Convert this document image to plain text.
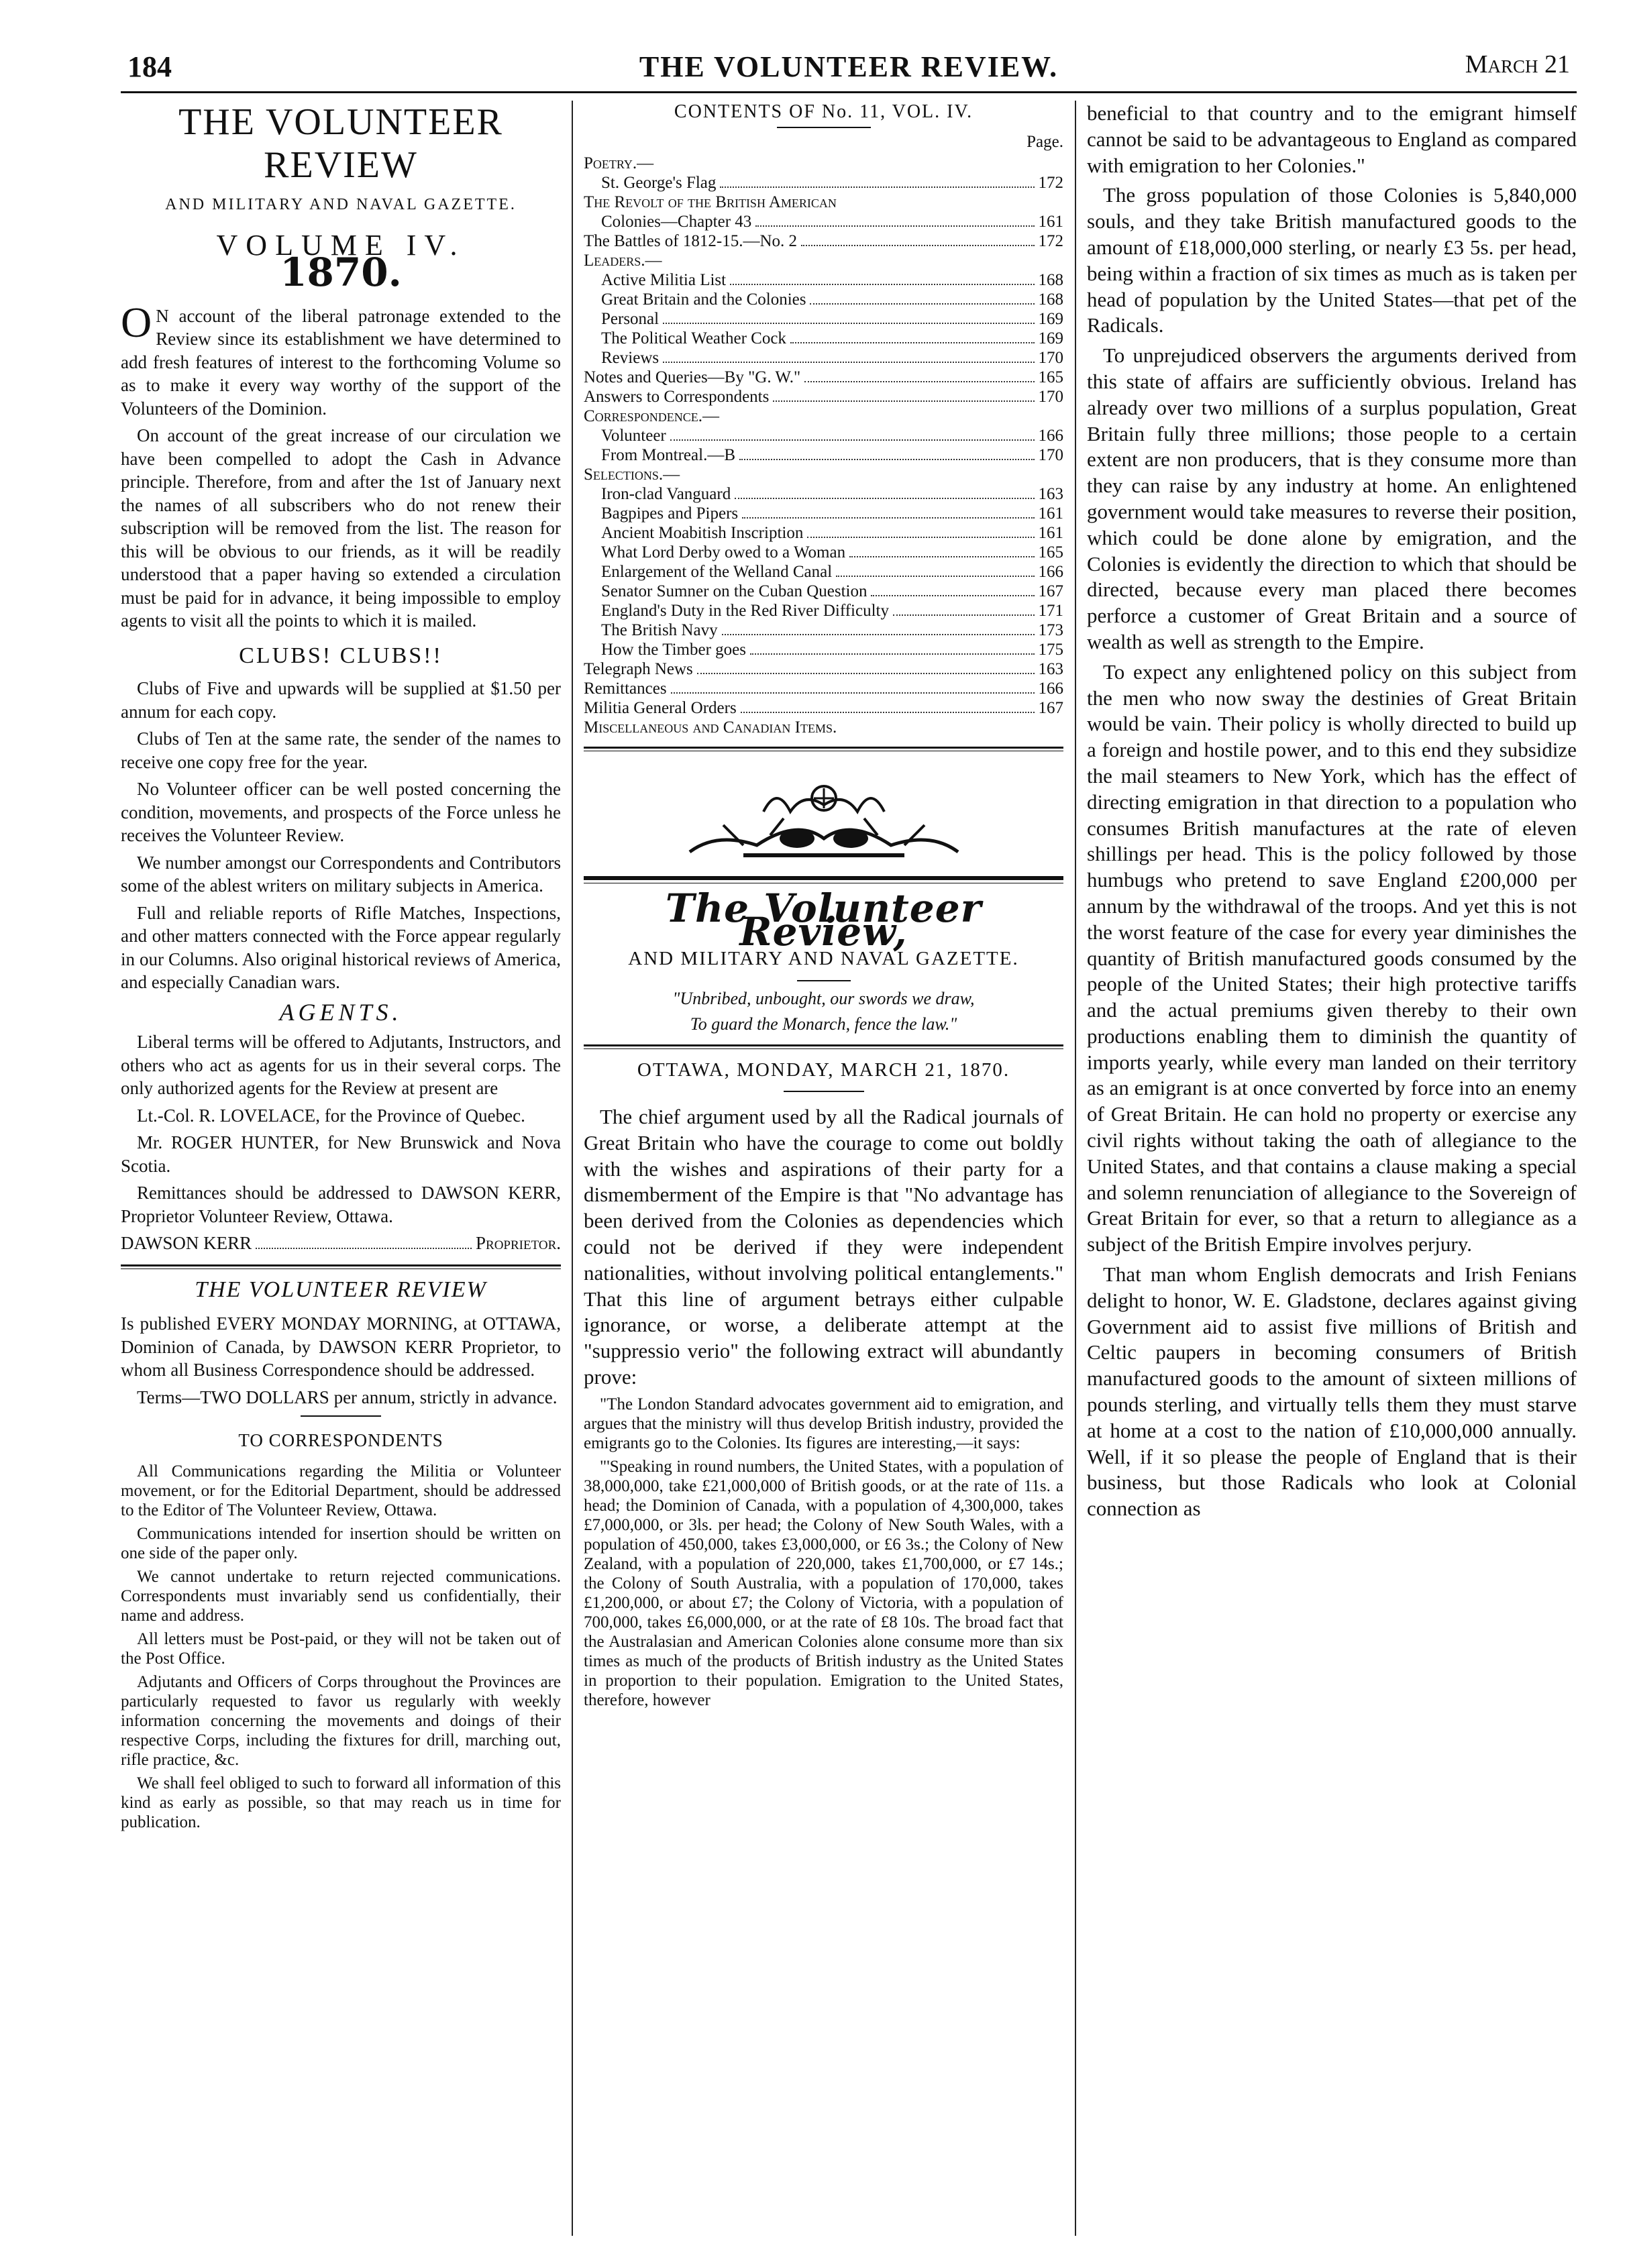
THE VOLUNTEER REVIEW.
184	March 21
THE VOLUNTEER REVIEW
AND MILITARY AND NAVAL GAZETTE.
VOLUME IV.
1870.

O N account of the liberal patronage extended to the Review since its establishment we have determined to add fresh features of interest to the forthcoming Volume so as to make it every way worthy of the support of the Volunteers of the Dominion.

On account of the great increase of our circulation we have been compelled to adopt the Cash in Advance principle. Therefore, from and after the 1st of January next the names of all subscribers who do not renew their subscription will be removed from the list. The reason for this will be obvious to our friends, as it will be readily understood that a paper having so extended a circulation must be paid for in advance, it being impossible to employ agents to visit all the points to which it is mailed.

CLUBS! CLUBS!!

Clubs of Five and upwards will be supplied at $1.50 per annum for each copy.

Clubs of Ten at the same rate, the sender of the names to receive one copy free for the year.

No Volunteer officer can be well posted concerning the condition, movements, and prospects of the Force unless he receives the Volunteer Review.

We number amongst our Correspondents and Contributors some of the ablest writers on military subjects in America.

Full and reliable reports of Rifle Matches, Inspections, and other matters connected with the Force appear regularly in our Columns. Also original historical reviews of America, and especially Canadian wars.

AGENTS.

Liberal terms will be offered to Adjutants, Instructors, and others who act as agents for us in their several corps. The only authorized agents for the Review at present are

Lt.-Col. R. LOVELACE, for the Province of Quebec.

Mr. ROGER HUNTER, for New Brunswick and Nova Scotia.

Remittances should be addressed to DAWSON KERR, Proprietor Volunteer Review, Ottawa.

DAWSON KERR	Proprietor.
THE VOLUNTEER REVIEW

Is published EVERY MONDAY MORNING, at OTTAWA, Dominion of Canada, by DAWSON KERR Proprietor, to whom all Business Correspondence should be addressed.

Terms—TWO DOLLARS per annum, strictly in advance.

TO CORRESPONDENTS

All Communications regarding the Militia or Volunteer movement, or for the Editorial Department, should be addressed to the Editor of The Volunteer Review, Ottawa.

Communications intended for insertion should be written on one side of the paper only.

We cannot undertake to return rejected communications. Correspondents must invariably send us confidentially, their name and address.

All letters must be Post-paid, or they will not be taken out of the Post Office.

Adjutants and Officers of Corps throughout the Provinces are particularly requested to favor us regularly with weekly information concerning the movements and doings of their respective Corps, including the fixtures for drill, marching out, rifle practice, &c.

We shall feel obliged to such to forward all information of this kind as early as possible, so that may reach us in time for publication.

CONTENTS OF No. 11, VOL. IV.
Page.
Poetry.—
St. George's Flag	172
The Revolt of the British American
Colonies—Chapter 43	161
The Battles of 1812-15.—No. 2	172
Leaders.—
Active Militia List	168
Great Britain and the Colonies	168
Personal	169
The Political Weather Cock	169
Reviews	170
Notes and Queries—By "G. W."	165
Answers to Correspondents	170
Correspondence.—
Volunteer	166
From Montreal.—B	170
Selections.—
Iron-clad Vanguard	163
Bagpipes and Pipers	161
Ancient Moabitish Inscription	161
What Lord Derby owed to a Woman	165
Enlargement of the Welland Canal	166
Senator Sumner on the Cuban Question	167
England's Duty in the Red River Difficulty	171
The British Navy	173
How the Timber goes	175
Telegraph News	163
Remittances	166
Militia General Orders	167
Miscellaneous and Canadian Items.
The Volunteer Review,
AND MILITARY AND NAVAL GAZETTE.
"Unbribed, unbought, our swords we draw,
To guard the Monarch, fence the law."
OTTAWA, MONDAY, MARCH 21, 1870.

The chief argument used by all the Radical journals of Great Britain who have the courage to come out boldly with the wishes and aspirations of their party for a dismemberment of the Empire is that "No advantage has been derived from the Colonies as dependencies which could not be derived if they were independent nationalities, without involving political entanglements." That this line of argument betrays either culpable ignorance, or worse, a deliberate attempt at the "suppressio verio" the following extract will abundantly prove:

"The London Standard advocates government aid to emigration, and argues that the ministry will thus develop British industry, provided the emigrants go to the Colonies. Its figures are interesting,—it says:

"'Speaking in round numbers, the United States, with a population of 38,000,000, take £21,000,000 of British goods, or at the rate of 11s. a head; the Dominion of Canada, with a population of 4,300,000, takes £7,000,000, or 3ls. per head; the Colony of New South Wales, with a population of 450,000, takes £3,000,000, or £6 3s.; the Colony of New Zealand, with a population of 220,000, takes £1,700,000, or £7 14s.; the Colony of South Australia, with a population of 170,000, takes £1,200,000, or about £7; the Colony of Victoria, with a population of 700,000, takes £6,000,000, or at the rate of £8 10s. The broad fact that the Australasian and American Colonies alone consume more than six times as much of the products of British industry as the United States in proportion to their population. Emigration to the United States, therefore, however

beneficial to that country and to the emigrant himself cannot be said to be advantageous to England as compared with emigration to her Colonies."

The gross population of those Colonies is 5,840,000 souls, and they take British manufactured goods to the amount of £18,000,000 sterling, or nearly £3 5s. per head, being within a fraction of six times as much as is taken per head of population by the United States—that pet of the Radicals.

To unprejudiced observers the arguments derived from this state of affairs are sufficiently obvious. Ireland has already over two millions of a surplus population, Great Britain fully three millions; those people to a certain extent are non producers, that is they consume more than they can raise by any industry at home. An enlightened government would take measures to reverse their position, which could be done alone by emigration, and the Colonies is evidently the direction to which that should be directed, because every man placed there becomes perforce a customer of Great Britain and a source of wealth as well as strength to the Empire.

To expect any enlightened policy on this subject from the men who now sway the destinies of Great Britain would be vain. Their policy is wholly directed to build up a foreign and hostile power, and to this end they subsidize the mail steamers to New York, which has the effect of directing emigration in that direction to a population who consumes British manufactures at the rate of eleven shillings per head. This is the policy followed by those humbugs who pretend to save England £200,000 per annum by the withdrawal of the troops. And yet this is not the worst feature of the case for every year diminishes the quantity of British manufactured goods consumed by the people of the United States; their high protective tariffs and the actual premiums given thereby to their own productions enabling them to diminish the quantity of imports yearly, while every man landed on their territory as an emigrant is at once converted by force into an enemy of Great Britain. He can hold no property or exercise any civil rights without taking the oath of allegiance to the United States, and that contains a clause making a special and solemn renunciation of allegiance to the Sovereign of Great Britain for ever, so that a return to allegiance as a subject of the British Empire involves perjury.

That man whom English democrats and Irish Fenians delight to honor, W. E. Gladstone, declares against giving Government aid to assist five millions of British and Celtic paupers in becoming consumers of British manufactured goods to the amount of sixteen millions of pounds sterling, and virtually tells them they must starve at home at a cost to the nation of £10,000,000 annually. Well, if it so please the people of England that is their business, but those Radicals who look at Colonial connection as
